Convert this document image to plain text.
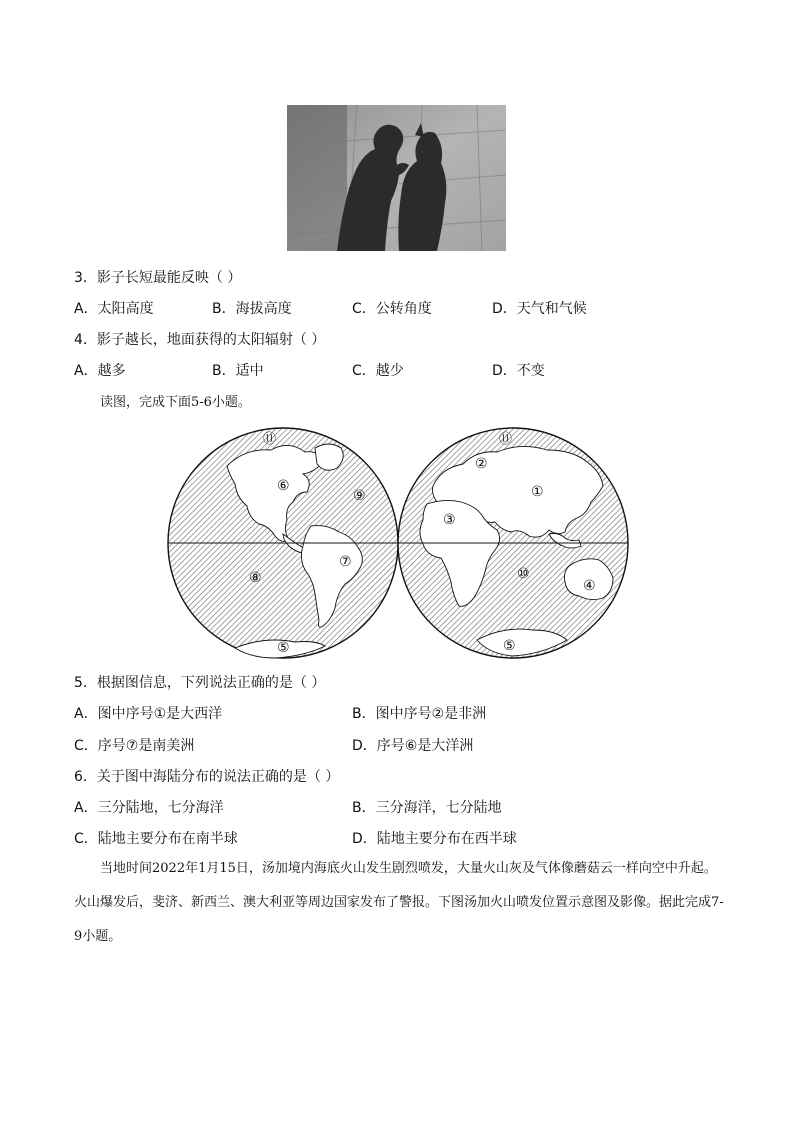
3．影子长短最能反映（ ）
A．太阳高度	B．海拔高度	C．公转角度	D．天气和气候
4．影子越长，地面获得的太阳辐射（ ）
A．越多	B．适中	C．越少	D．不变
读图，完成下面5-6小题。
⑪
⑥
⑨
⑦
⑧
⑤
⑪
②
①
③
⑩
④
⑤
5．根据图信息，下列说法正确的是（ ）
A．图中序号①是大西洋	B．图中序号②是非洲
C．序号⑦是南美洲	D．序号⑥是大洋洲
6．关于图中海陆分布的说法正确的是（ ）
A．三分陆地，七分海洋	B．三分海洋，七分陆地
C．陆地主要分布在南半球	D．陆地主要分布在西半球
当地时间2022年1月15日，汤加境内海底火山发生剧烈喷发，大量火山灰及气体像蘑菇云一样向空中升起。火山爆发后，斐济、新西兰、澳大利亚等周边国家发布了警报。下图汤加火山喷发位置示意图及影像。据此完成7-9小题。
